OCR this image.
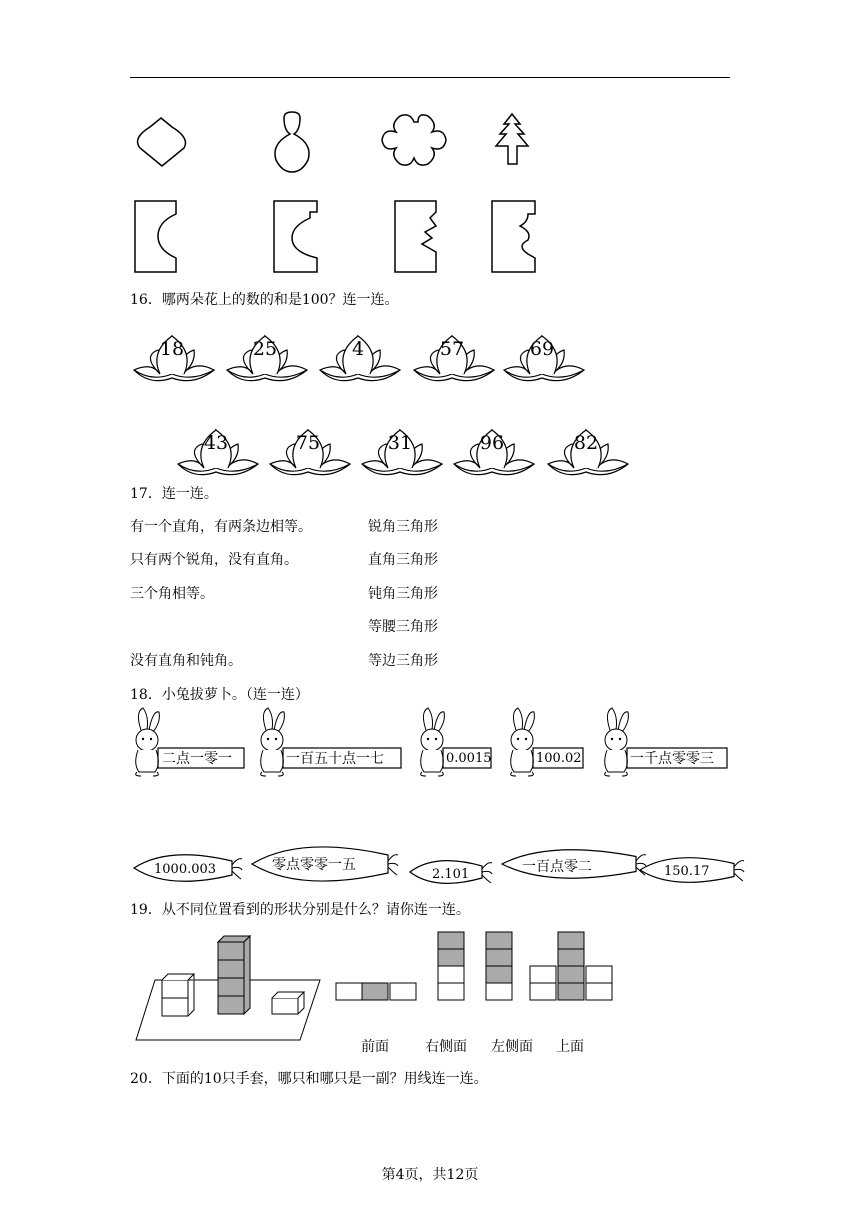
16．哪两朵花上的数的和是100？连一连。
18	25	4	57	69
43	75	31	96	82
17．连一连。
有一个直角，有两条边相等。
只有两个锐角，没有直角。
三个角相等。
没有直角和钝角。
锐角三角形
直角三角形
钝角三角形
等腰三角形
等边三角形
18．小兔拔萝卜。（连一连）
二点一零一	一百五十点一七	0.0015	100.02	一千点零零三
1000.003	零点零零一五
2.101	一百点零二	150.17
19．从不同位置看到的形状分别是什么？请你连一连。
前面	右侧面 左侧面 上面
20．下面的10只手套，哪只和哪只是一副？用线连一连。
第4页，共12页
